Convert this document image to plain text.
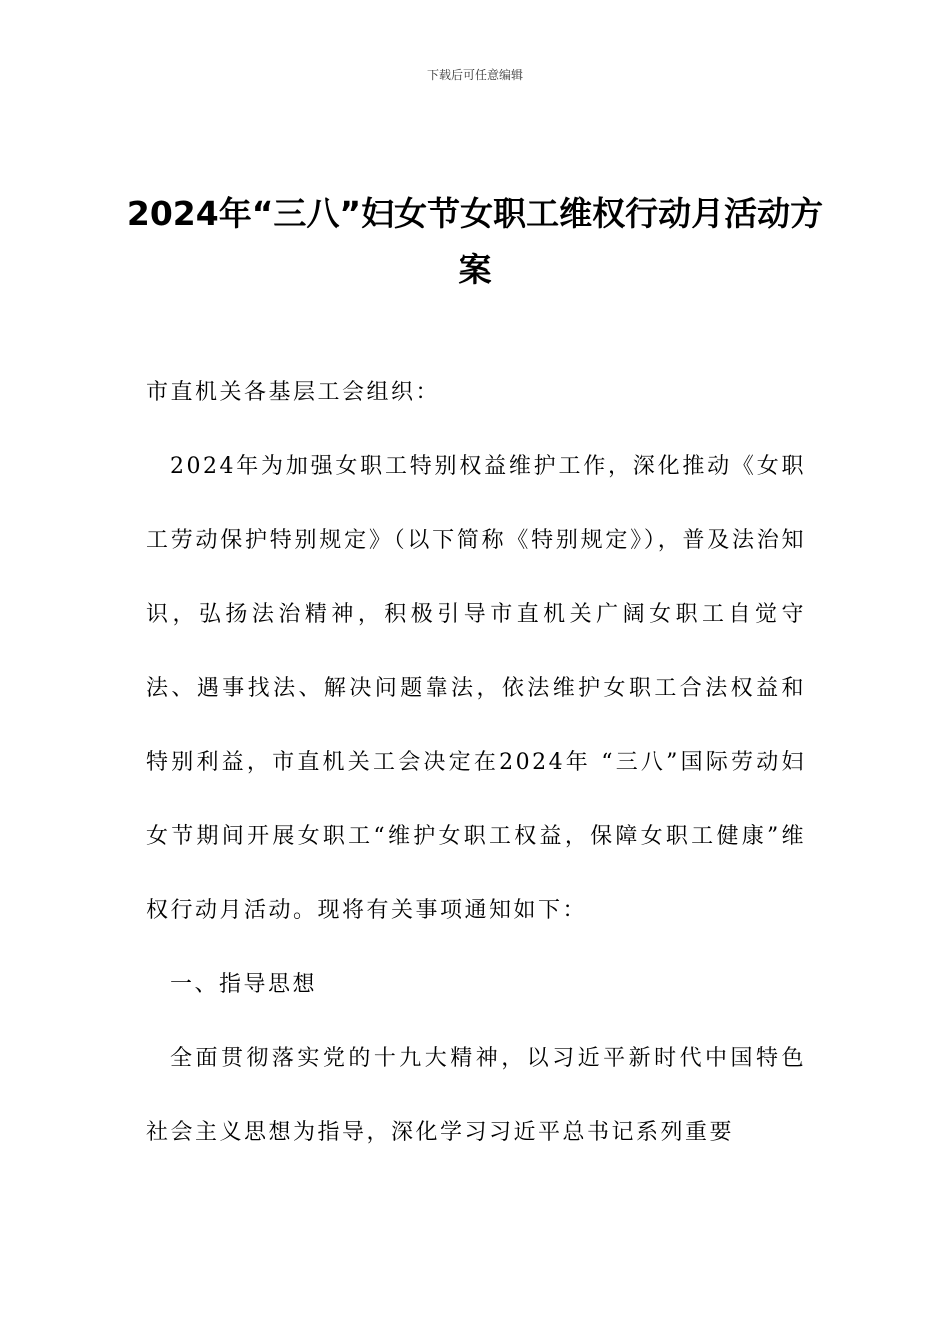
下载后可任意编辑
2024年“三八”妇女节女职工维权行动月活动方案

市直机关各基层工会组织：

2024年为加强女职工特别权益维护工作，深化推动《女职工劳动保护特别规定》（以下简称《特别规定》），普及法治知识，弘扬法治精神，积极引导市直机关广阔女职工自觉守法、遇事找法、解决问题靠法，依法维护女职工合法权益和特别利益，市直机关工会决定在2024年 “三八”国际劳动妇女节期间开展女职工“维护女职工权益，保障女职工健康”维权行动月活动。现将有关事项通知如下：

一、指导思想

全面贯彻落实党的十九大精神，以习近平新时代中国特色社会主义思想为指导，深化学习习近平总书记系列重要
